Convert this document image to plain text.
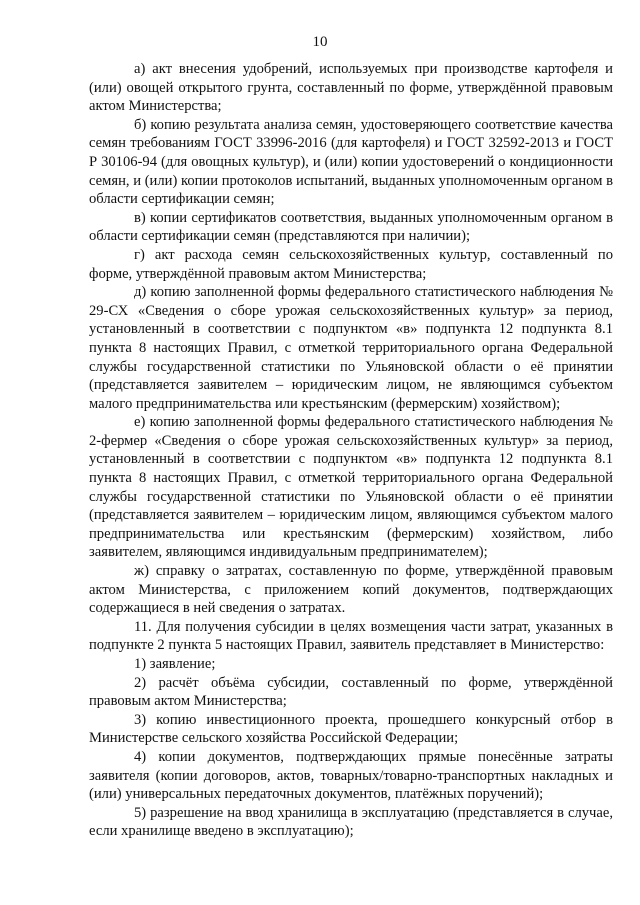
10

а) акт внесения удобрений, используемых при производстве картофеля и (или) овощей открытого грунта, составленный по форме, утверждённой правовым актом Министерства;

б) копию результата анализа семян, удостоверяющего соответствие качества семян требованиям ГОСТ 33996-2016 (для картофеля) и ГОСТ 32592-2013 и ГОСТ Р 30106-94 (для овощных культур), и (или) копии удостоверений о кондиционности семян, и (или) копии протоколов испытаний, выданных уполномоченным органом в области сертификации семян;

в) копии сертификатов соответствия, выданных уполномоченным органом в области сертификации семян (представляются при наличии);

г) акт расхода семян сельскохозяйственных культур, составленный по форме, утверждённой правовым актом Министерства;

д) копию заполненной формы федерального статистического наблюдения № 29-СХ «Сведения о сборе урожая сельскохозяйственных культур» за период, установленный в соответствии с подпунктом «в» подпункта 12 подпункта 8.1 пункта 8 настоящих Правил, с отметкой территориального органа Федеральной службы государственной статистики по Ульяновской области о её принятии (представляется заявителем – юридическим лицом, не являющимся субъектом малого предпринимательства или крестьянским (фермерским) хозяйством);

е) копию заполненной формы федерального статистического наблюдения № 2-фермер «Сведения о сборе урожая сельскохозяйственных культур» за период, установленный в соответствии с подпунктом «в» подпункта 12 подпункта 8.1 пункта 8 настоящих Правил, с отметкой территориального органа Федеральной службы государственной статистики по Ульяновской области о её принятии (представляется заявителем – юридическим лицом, являющимся субъектом малого предпринимательства или крестьянским (фермерским) хозяйством, либо заявителем, являющимся индивидуальным предпринимателем);

ж) справку о затратах, составленную по форме, утверждённой правовым актом Министерства, с приложением копий документов, подтверждающих содержащиеся в ней сведения о затратах.

11. Для получения субсидии в целях возмещения части затрат, указанных в подпункте 2 пункта 5 настоящих Правил, заявитель представляет в Министерство:

1) заявление;

2) расчёт объёма субсидии, составленный по форме, утверждённой правовым актом Министерства;

3) копию инвестиционного проекта, прошедшего конкурсный отбор в Министерстве сельского хозяйства Российской Федерации;

4) копии документов, подтверждающих прямые понесённые затраты заявителя (копии договоров, актов, товарных/товарно-транспортных накладных и (или) универсальных передаточных документов, платёжных поручений);

5) разрешение на ввод хранилища в эксплуатацию (представляется в случае, если хранилище введено в эксплуатацию);
